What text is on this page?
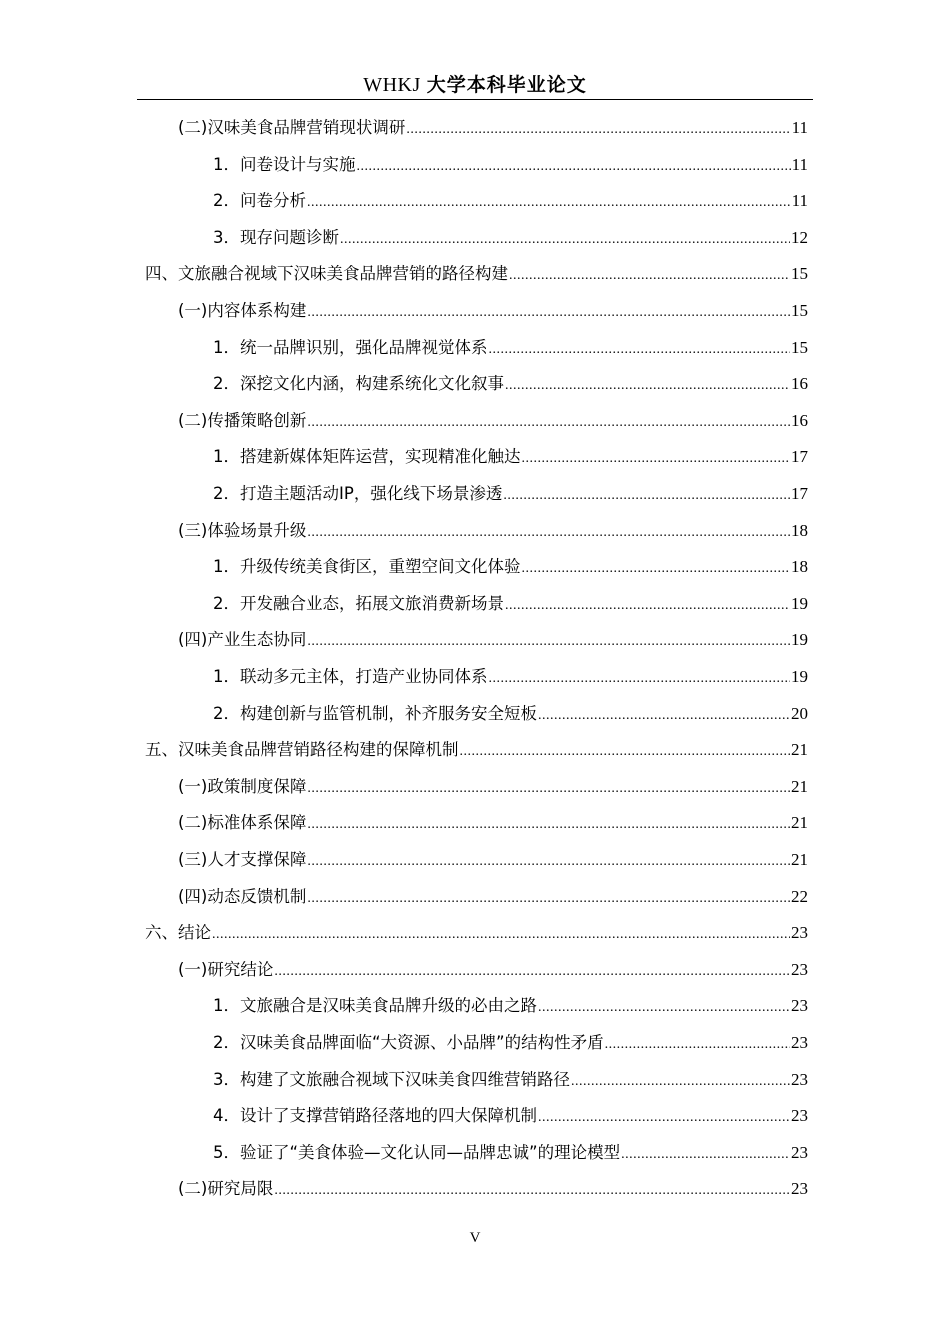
WHKJ 大学本科毕业论文
(二)汉味美食品牌营销现状调研 .....	11
1．问卷设计与实施 .....	11
2．问卷分析 .....	11
3．现存问题诊断 .....	12
四、文旅融合视域下汉味美食品牌营销的路径构建 .....	15
(一)内容体系构建 .....	15
1．统一品牌识别，强化品牌视觉体系 .....	15
2．深挖文化内涵，构建系统化文化叙事 .....	16
(二)传播策略创新 .....	16
1．搭建新媒体矩阵运营，实现精准化触达 .....	17
2．打造主题活动IP，强化线下场景渗透 .....	17
(三)体验场景升级 .....	18
1．升级传统美食街区，重塑空间文化体验 .....	18
2．开发融合业态，拓展文旅消费新场景 .....	19
(四)产业生态协同 .....	19
1．联动多元主体，打造产业协同体系 .....	19
2．构建创新与监管机制，补齐服务安全短板 .....	20
五、汉味美食品牌营销路径构建的保障机制 .....	21
(一)政策制度保障 .....	21
(二)标准体系保障 .....	21
(三)人才支撑保障 .....	21
(四)动态反馈机制 .....	22
六、结论 .....	23
(一)研究结论 .....	23
1．文旅融合是汉味美食品牌升级的必由之路 .....	23
2．汉味美食品牌面临“大资源、小品牌”的结构性矛盾 .....	23
3．构建了文旅融合视域下汉味美食四维营销路径 .....	23
4．设计了支撑营销路径落地的四大保障机制 .....	23
5．验证了“美食体验—文化认同—品牌忠诚”的理论模型 .....	23
(二)研究局限 .....	23
V
